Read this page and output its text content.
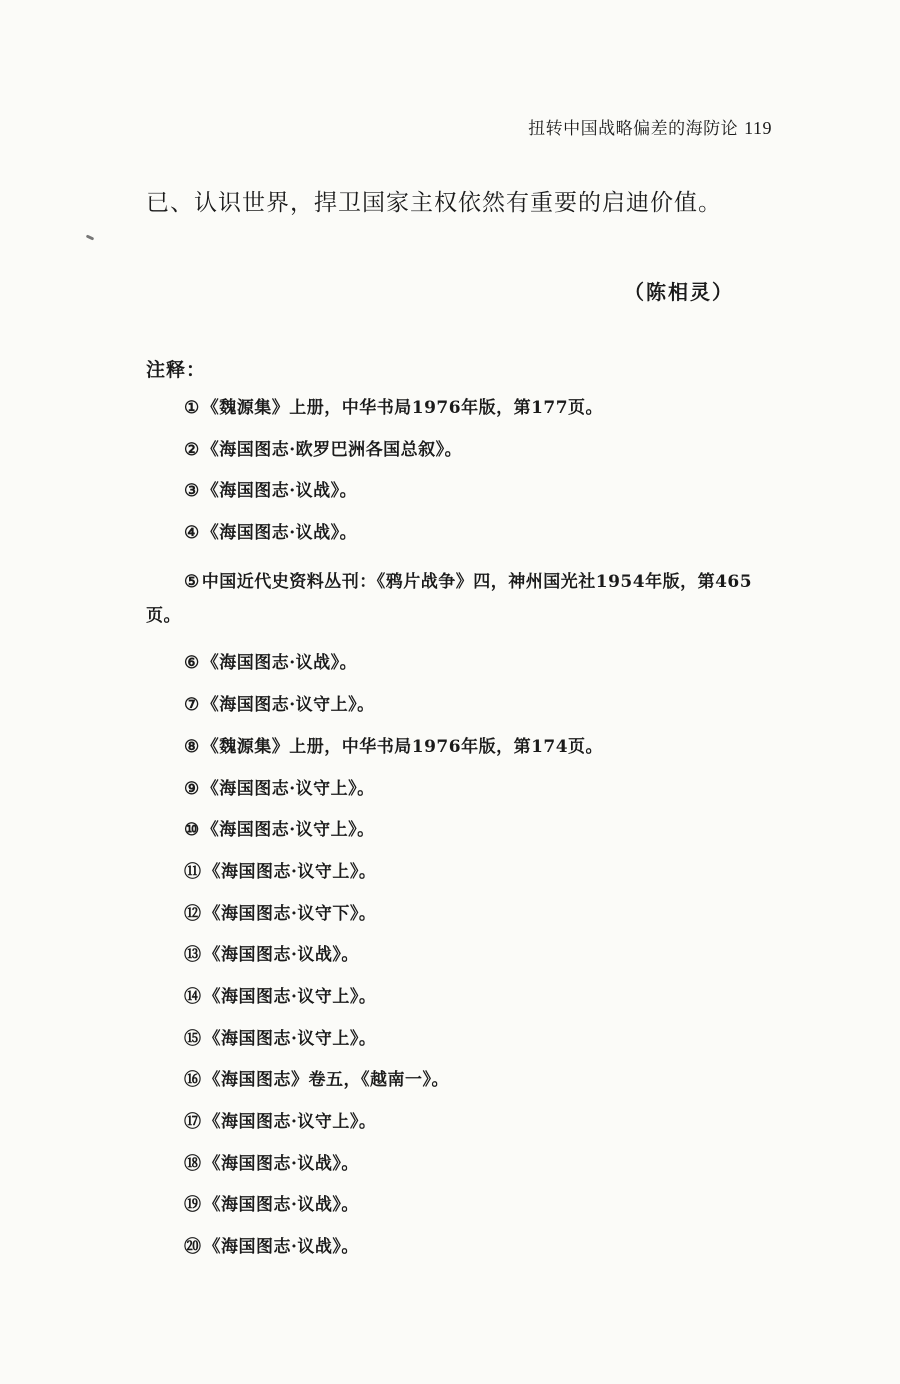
扭转中国战略偏差的海防论 119
已、认识世界，捍卫国家主权依然有重要的启迪价值。
（陈相灵）
注释：
① 《魏源集》上册，中华书局1976年版，第177页。
② 《海国图志·欧罗巴洲各国总叙》。
③ 《海国图志·议战》。
④ 《海国图志·议战》。
⑤ 中国近代史资料丛刊：《鸦片战争》四，神州国光社1954年版，第465页。
⑥ 《海国图志·议战》。
⑦ 《海国图志·议守上》。
⑧ 《魏源集》上册，中华书局1976年版，第174页。
⑨ 《海国图志·议守上》。
⑩ 《海国图志·议守上》。
⑪ 《海国图志·议守上》。
⑫ 《海国图志·议守下》。
⑬ 《海国图志·议战》。
⑭ 《海国图志·议守上》。
⑮ 《海国图志·议守上》。
⑯ 《海国图志》卷五，《越南一》。
⑰ 《海国图志·议守上》。
⑱ 《海国图志·议战》。
⑲ 《海国图志·议战》。
⑳ 《海国图志·议战》。
